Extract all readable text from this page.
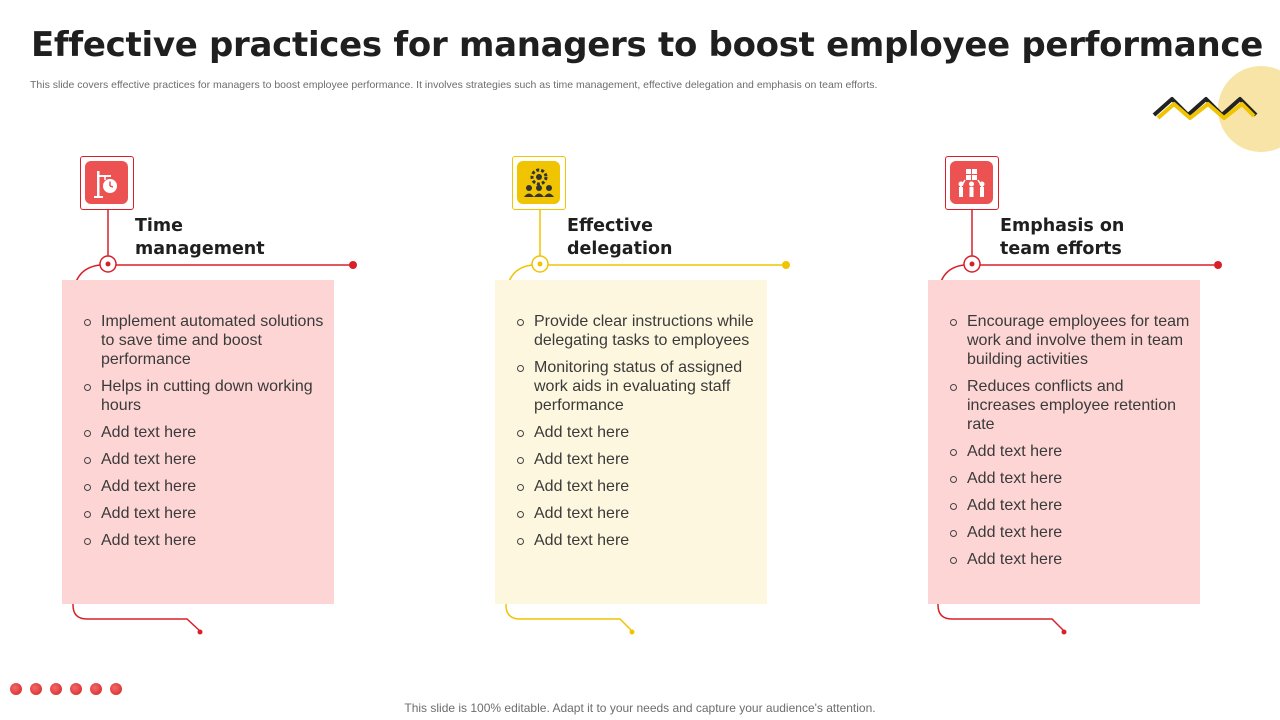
Effective practices for managers to boost employee performance
This slide covers effective practices for managers to boost employee performance. It involves strategies such as time management, effective delegation and emphasis on team efforts.
Time management
Implement automated solutions to save time and boost performance
Helps in cutting down working hours
Add text here
Add text here
Add text here
Add text here
Add text here
Effective delegation
Provide clear instructions while delegating tasks to employees
Monitoring status of assigned work aids in evaluating staff performance
Add text here
Add text here
Add text here
Add text here
Add text here
Emphasis on team efforts
Encourage employees for team work and involve them in team building activities
Reduces conflicts and increases employee retention rate
Add text here
Add text here
Add text here
Add text here
Add text here
This slide is 100% editable. Adapt it to your needs and capture your audience's attention.
